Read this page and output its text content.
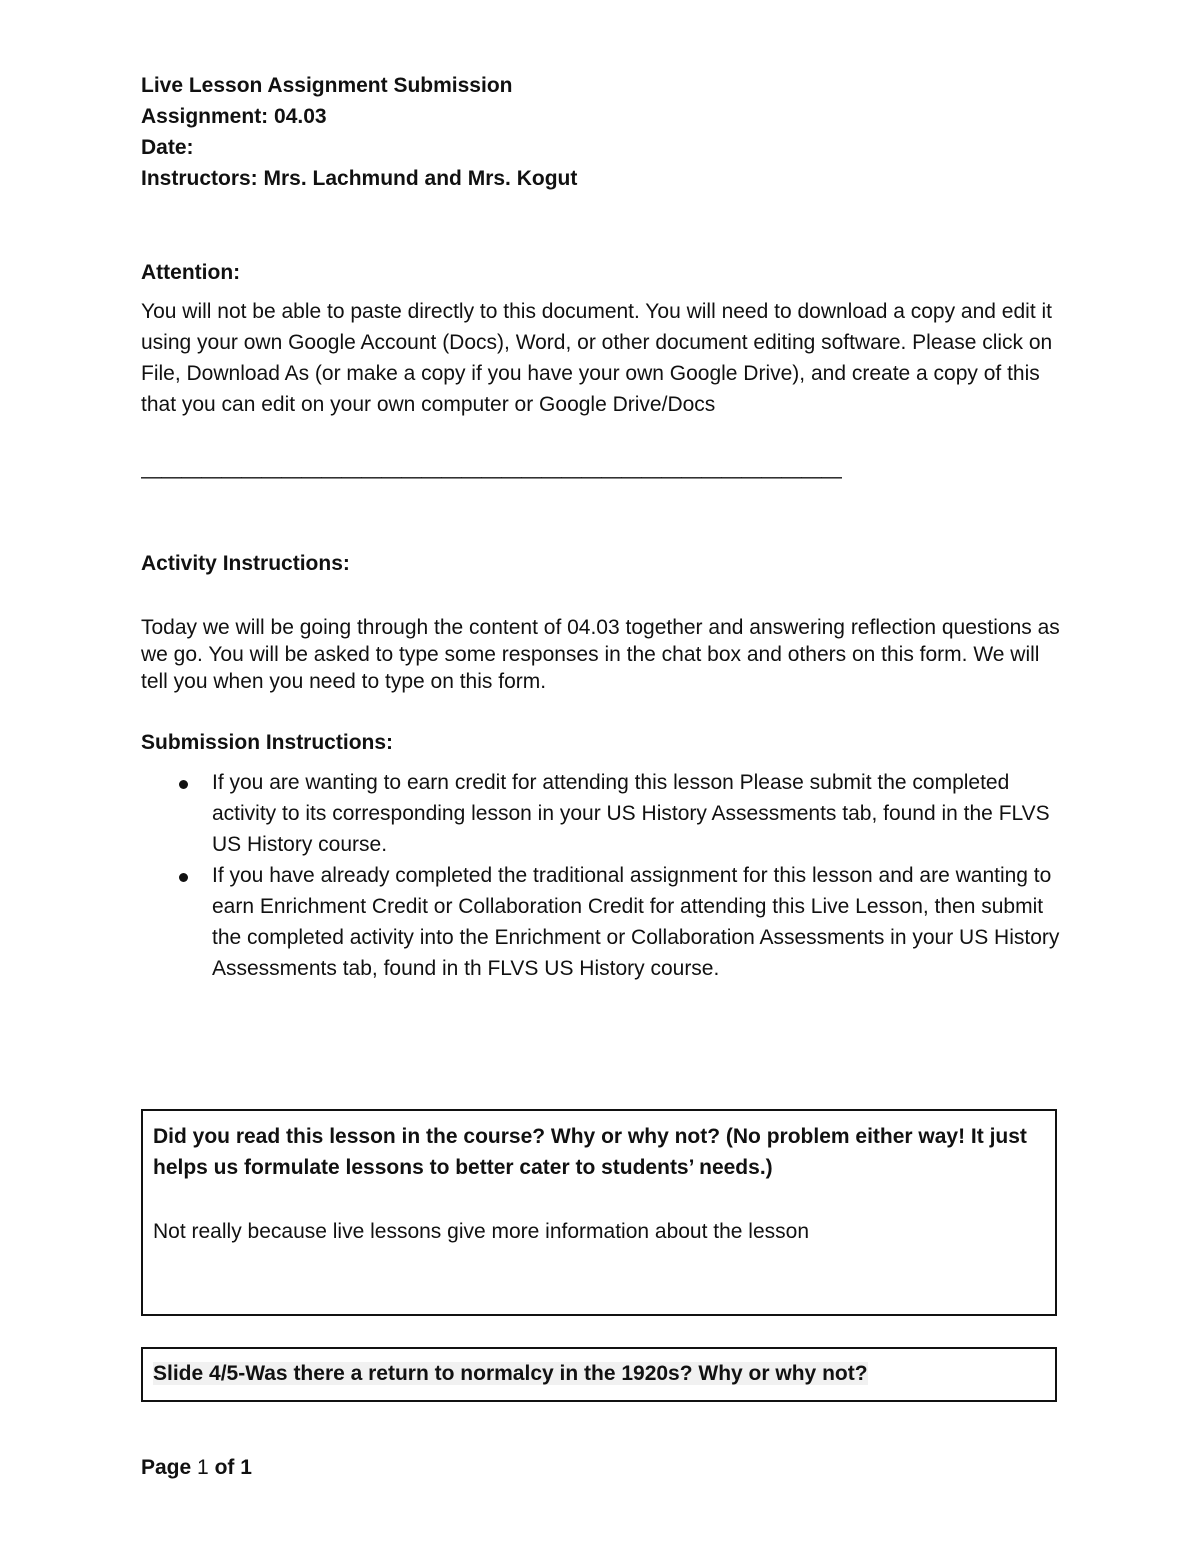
Live Lesson Assignment Submission
Assignment: 04.03
Date:
Instructors: Mrs. Lachmund and Mrs. Kogut
Attention:
You will not be able to paste directly to this document. You will need to download a copy and edit it using your own Google Account (Docs), Word, or other document editing software. Please click on File, Download As (or make a copy if you have your own Google Drive), and create a copy of this that you can edit on your own computer or Google Drive/Docs
———————————————————————————————————
Activity Instructions:
Today we will be going through the content of 04.03 together and answering reflection questions as we go. You will be asked to type some responses in the chat box and others on this form. We will tell you when you need to type on this form.
Submission Instructions:
If you are wanting to earn credit for attending this lesson Please submit the completed activity to its corresponding lesson in your US History Assessments tab, found in the FLVS US History course.
If you have already completed the traditional assignment for this lesson and are wanting to earn Enrichment Credit or Collaboration Credit for attending this Live Lesson, then submit the completed activity into the Enrichment or Collaboration Assessments in your US History Assessments tab, found in th FLVS US History course.
Did you read this lesson in the course? Why or why not? (No problem either way! It just helps us formulate lessons to better cater to students’ needs.)
Not really because live lessons give more information about the lesson
Slide 4/5-Was there a return to normalcy in the 1920s? Why or why not?
Page 1 of 1
